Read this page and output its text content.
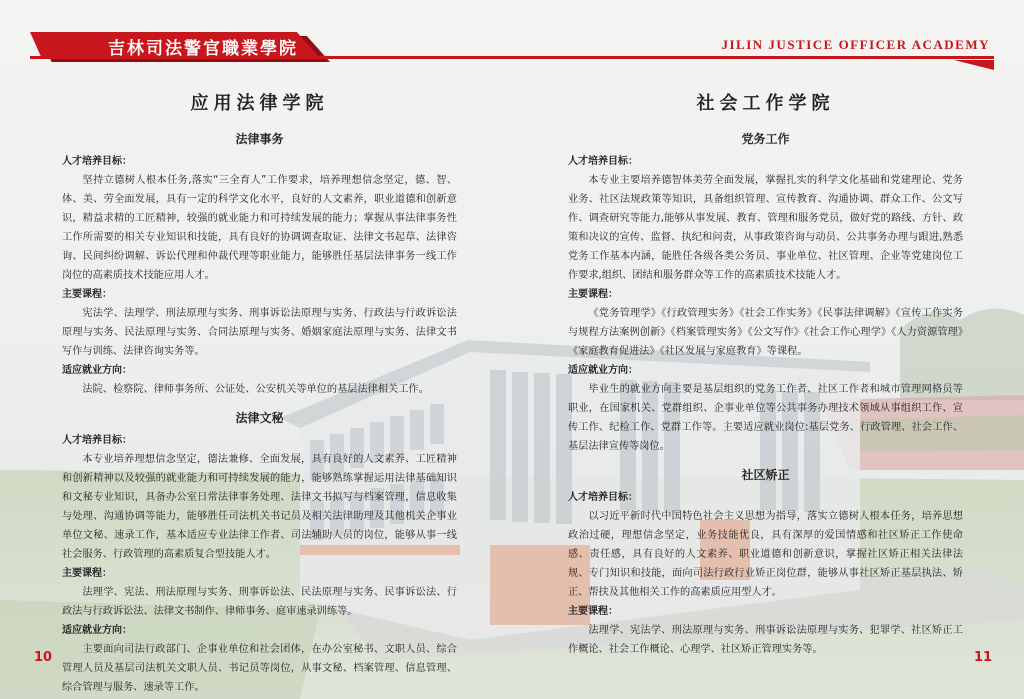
吉林司法警官職業學院	JILIN JUSTICE OFFICER ACADEMY
应用法律学院
法律事务
人才培养目标：
坚持立德树人根本任务,落实“三全育人”工作要求，培养理想信念坚定，德、智、体、美、劳全面发展，具有一定的科学文化水平，良好的人文素养，职业道德和创新意识，精益求精的工匠精神，较强的就业能力和可持续发展的能力；掌握从事法律事务性工作所需要的相关专业知识和技能，具有良好的协调调查取证、法律文书起草、法律咨询、民间纠纷调解、诉讼代理和仲裁代理等职业能力，能够胜任基层法律事务一线工作岗位的高素质技术技能应用人才。
主要课程：
宪法学、法理学、刑法原理与实务、刑事诉讼法原理与实务、行政法与行政诉讼法原理与实务、民法原理与实务、合同法原理与实务、婚姻家庭法原理与实务、法律文书写作与训练、法律咨询实务等。
适应就业方向：
法院、检察院、律师事务所、公证处、公安机关等单位的基层法律相关工作。
法律文秘
人才培养目标：
本专业培养理想信念坚定，德法兼修、全面发展，具有良好的人文素养、工匠精神和创新精神以及较强的就业能力和可持续发展的能力，能够熟练掌握运用法律基础知识和文秘专业知识，具备办公室日常法律事务处理、法律文书拟写与档案管理，信息收集与处理、沟通协调等能力，能够胜任司法机关书记员及相关法律助理及其他机关企事业单位文秘、速录工作，基本适应专业法律工作者、司法辅助人员的岗位，能够从事一线社会服务、行政管理的高素质复合型技能人才。
主要课程：
法理学、宪法、刑法原理与实务、刑事诉讼法、民法原理与实务、民事诉讼法、行政法与行政诉讼法、法律文书制作、律师事务、庭审速录训练等。
适应就业方向：
主要面向司法行政部门、企事业单位和社会团体，在办公室秘书、文职人员、综合管理人员及基层司法机关文职人员、书记员等岗位，从事文秘、档案管理、信息管理、综合管理与服务、速录等工作。
社会工作学院
党务工作
人才培养目标：
本专业主要培养德智体美劳全面发展，掌握扎实的科学文化基础和党建理论、党务业务、社区法规政策等知识，具备组织管理、宣传教育、沟通协调、群众工作、公文写作、调查研究等能力,能够从事发展、教育、管理和服务党员，做好党的路线、方针、政策和决议的宣传、监督、执纪和问责，从事政策咨询与动员、公共事务办理与跟进,熟悉党务工作基本内涵，能胜任各级各类公务员、事业单位、社区管理、企业等党建岗位工作要求,组织、团结和服务群众等工作的高素质技术技能人才。
主要课程：
《党务管理学》《行政管理实务》《社会工作实务》《民事法律调解》《宣传工作实务与规程方法案例创新》《档案管理实务》《公文写作》《社会工作心理学》《人力资源管理》《家庭教育促进法》《社区发展与家庭教育》等课程。
适应就业方向：
毕业生的就业方向主要是基层组织的党务工作者、社区工作者和城市管理网格员等职业，在国家机关、党群组织、企事业单位等公共事务办理技术领域从事组织工作、宣传工作、纪检工作、党群工作等。主要适应就业岗位:基层党务、行政管理、社会工作、基层法律宣传等岗位。
社区矫正
人才培养目标：
以习近平新时代中国特色社会主义思想为指导，落实立德树人根本任务，培养思想政治过硬，理想信念坚定，业务技能优良，具有深厚的爱国情感和社区矫正工作使命感、责任感，具有良好的人文素养、职业道德和创新意识，掌握社区矫正相关法律法规、专门知识和技能，面向司法行政行业矫正岗位群，能够从事社区矫正基层执法、矫正、帮扶及其他相关工作的高素质应用型人才。
主要课程：
法理学、宪法学、刑法原理与实务、刑事诉讼法原理与实务、犯罪学、社区矫正工作概论、社会工作概论、心理学、社区矫正管理实务等。
10	11
